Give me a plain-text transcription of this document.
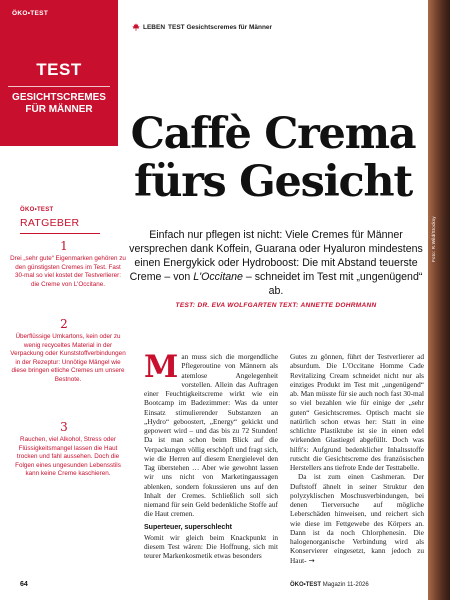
Foto: R.Wild/Stocksy
ÖKO•TEST
TEST
GESICHTSCREMES
FÜR MÄNNER
LEBEN TEST Gesichtscremes für Männer
Caffè Crema
fürs Gesicht

Einfach nur pflegen ist nicht: Viele Cremes für Männer versprechen dank Koffein, Guarana oder Hyaluron mindestens einen Energykick oder Hydroboost: Die mit Abstand teuerste Creme – von L'Occitane – schneidet im Test mit „ungenügend“ ab.

TEST: DR. EVA WOLFGARTEN TEXT: ANNETTE DOHRMANN
ÖKO•TEST
RATGEBER
1
Drei „sehr gute“ Eigenmarken gehören zu den günstigsten Cremes im Test. Fast 30-mal so viel kostet der Testverlierer: die Creme von L'Occitane.
2
Überflüssige Umkartons, kein oder zu wenig recyceltes Material in der Verpackung oder Kunststoffverbindungen in der Rezeptur: Unnötige Mängel wie diese bringen etliche Cremes um unsere Bestnote.
3
Rauchen, viel Alkohol, Stress oder Flüssigkeitsmangel lassen die Haut trocken und fahl aussehen. Doch die Folgen eines ungesunden Lebensstils kann keine Creme kaschieren.

Man muss sich die morgendliche Pflegeroutine von Männern als atemlose Angelegenheit vorstellen. Allein das Auftragen einer Feuchtigkeitscreme wirkt wie ein Bootcamp im Badezimmer: Was da unter Einsatz stimulierender Substanzen an „Hydro“ geboostert, „Energy“ gekickt und gepowert wird – und das bis zu 72 Stunden! Da ist man schon beim Blick auf die Verpackungen völlig erschöpft und fragt sich, wie die Herren auf diesem Energielevel den Tag überstehen … Aber wie gewohnt lassen wir uns nicht von Marketingaussagen ablenken, sondern fokussieren uns auf den Inhalt der Cremes. Schließlich soll sich niemand für sein Geld bedenkliche Stoffe auf die Haut cremen.

Superteuer, superschlecht

Womit wir gleich beim Knackpunkt in diesem Test wären: Die Hoffnung, sich mit teurer Markenkosmetik etwas besonders

Gutes zu gönnen, führt der Testverlierer ad absurdum. Die L'Occitane Homme Cade Revitalizing Cream schneidet nicht nur als einziges Produkt im Test mit „ungenügend“ ab. Man müsste für sie auch noch fast 30-mal so viel bezahlen wie für einige der „sehr guten“ Gesichtscremes. Optisch macht sie natürlich schon etwas her: Statt in eine schlichte Plastiktube ist sie in einen edel wirkenden Glastiegel abgefüllt. Doch was hilft's: Aufgrund bedenklicher Inhaltsstoffe rutscht die Gesichtscreme des französischen Herstellers ans tiefrote Ende der Testtabelle.

Da ist zum einen Cashmeran. Der Duftstoff ähnelt in seiner Struktur den polyzyklischen Moschusverbindungen, bei denen Tierversuche auf mögliche Leberschäden hinweisen, und reichert sich wie diese im Fettgewebe des Körpers an. Dann ist da noch Chlorphenesin. Die halogenorganische Verbindung wird als Konservierer eingesetzt, kann jedoch zu Haut- →

64	ÖKO•TEST Magazin 11-2026
